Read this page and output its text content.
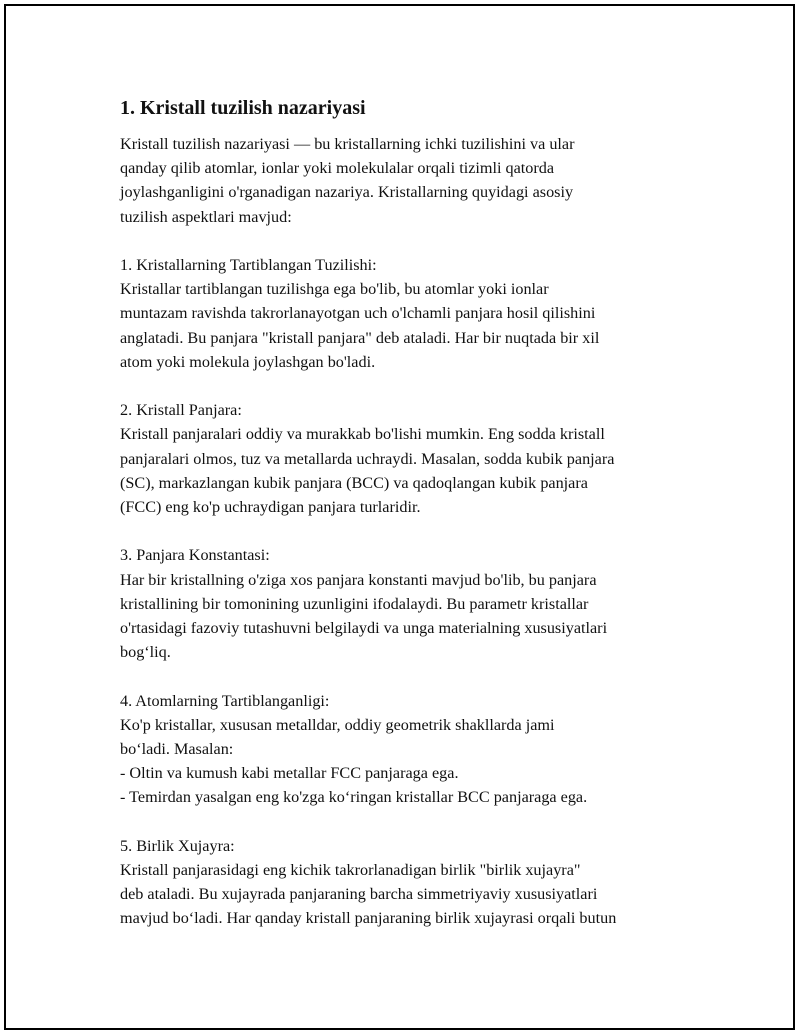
1. Kristall tuzilish nazariyasi

Kristall tuzilish nazariyasi — bu kristallarning ichki tuzilishini va ular
qanday qilib atomlar, ionlar yoki molekulalar orqali tizimli qatorda
joylashganligini o'rganadigan nazariya. Kristallarning quyidagi asosiy
tuzilish aspektlari mavjud:

1. Kristallarning Tartiblangan Tuzilishi:

Kristallar tartiblangan tuzilishga ega bo'lib, bu atomlar yoki ionlar
muntazam ravishda takrorlanayotgan uch o'lchamli panjara hosil qilishini
anglatadi. Bu panjara "kristall panjara" deb ataladi. Har bir nuqtada bir xil
atom yoki molekula joylashgan bo'ladi.

2. Kristall Panjara:

Kristall panjaralari oddiy va murakkab bo'lishi mumkin. Eng sodda kristall
panjaralari olmos, tuz va metallarda uchraydi. Masalan, sodda kubik panjara
(SC), markazlangan kubik panjara (BCC) va qadoqlangan kubik panjara
(FCC) eng ko'p uchraydigan panjara turlaridir.

3. Panjara Konstantasi:

Har bir kristallning o'ziga xos panjara konstanti mavjud bo'lib, bu panjara
kristallining bir tomonining uzunligini ifodalaydi. Bu parametr kristallar
o'rtasidagi fazoviy tutashuvni belgilaydi va unga materialning xususiyatlari
bog‘liq.

4. Atomlarning Tartiblanganligi:

Ko'p kristallar, xususan metalldar, oddiy geometrik shakllarda jami
bo‘ladi. Masalan:
- Oltin va kumush kabi metallar FCC panjaraga ega.
- Temirdan yasalgan eng ko'zga ko‘ringan kristallar BCC panjaraga ega.

5. Birlik Xujayra:

Kristall panjarasidagi eng kichik takrorlanadigan birlik "birlik xujayra"
deb ataladi. Bu xujayrada panjaraning barcha simmetriyaviy xususiyatlari
mavjud bo‘ladi. Har qanday kristall panjaraning birlik xujayrasi orqali butun
